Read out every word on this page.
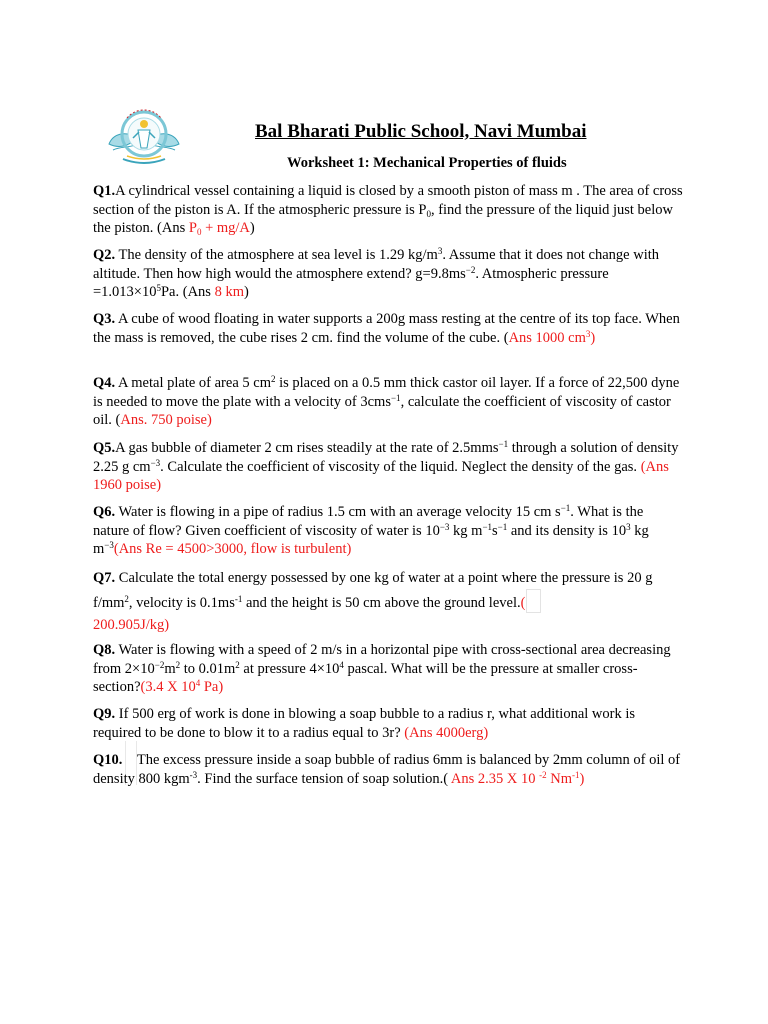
Bal Bharati Public School, Navi Mumbai
Worksheet 1: Mechanical Properties of fluids
Q1.A cylindrical vessel containing a liquid is closed by a smooth piston of mass m . The area of cross section of the piston is A. If the atmospheric pressure is $P_0$, find the pressure of the liquid just below the piston. (Ans $P_0 + mg/A$)
Q2. The density of the atmosphere at sea level is 1.29 $kg/m^3$. Assume that it does not change with altitude. Then how high would the atmosphere extend? $g=9.8ms^{-2}$. Atmospheric pressure $=1.013\times 10^5Pa$. (Ans 8 km)
Q3. A cube of wood floating in water supports a 200g mass resting at the centre of its top face. When the mass is removed, the cube rises 2 cm. find the volume of the cube. (Ans 1000 $cm^3$)
Q4. A metal plate of area 5 $cm^2$ is placed on a 0.5 mm thick castor oil layer. If a force of 22,500 dyne is needed to move the plate with a velocity of 3cms$^{-1}$, calculate the coefficient of viscosity of castor oil. (Ans. 750 poise)
Q5.A gas bubble of diameter 2 cm rises steadily at the rate of 2.5mms$^{-1}$ through a solution of density 2.25 g $cm^{-3}$. Calculate the coefficient of viscosity of the liquid. Neglect the density of the gas. (Ans 1960 poise)
Q6. Water is flowing in a pipe of radius 1.5 cm with an average velocity 15 cm $s^{-1}$. What is the nature of flow? Given coefficient of viscosity of water is $10^{-3}$ kg $m^{-1}s^{-1}$ and its density is $10^3$ kg $m^{-3}(Ans$ Re = 4500>3000, flow is turbulent)
Q7. Calculate the total energy possessed by one kg of water at a point where the pressure is 20 g $f/mm^2$, velocity is $0.1ms^{-1}$ and the height is 50 cm above the ground level.(
200.905J/kg)
Q8. Water is flowing with a speed of 2 m/s in a horizontal pipe with cross-sectional area decreasing from $2\times 10^{-2}m^2$ to $0.01m^2$ at pressure $4\times 10^4$ pascal. What will be the pressure at smaller cross-section?(3.4 X $10^4$ Pa)
Q9. If 500 erg of work is done in blowing a soap bubble to a radius r, what additional work is required to be done to blow it to a radius equal to 3r? (Ans 4000erg)
Q10.    The excess pressure inside a soap bubble of radius 6mm is balanced by 2mm column of oil of density 800 kgm$^{-3}$. Find the surface tension of soap solution.( Ans 2.35 X 10 $^{-2}$ $Nm^{-1}$)
